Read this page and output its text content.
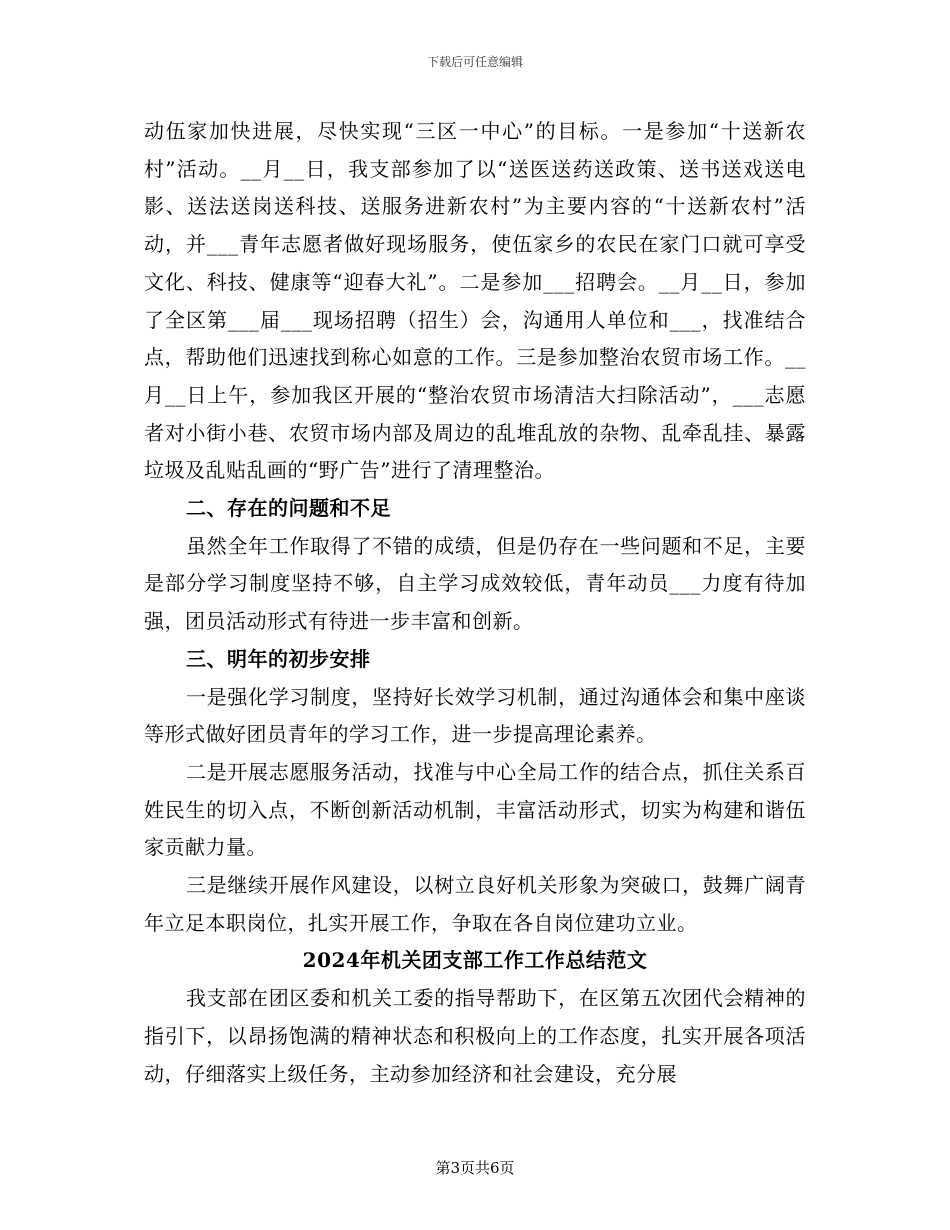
下载后可任意编辑

动伍家加快进展，尽快实现“三区一中心”的目标。一是参加“十送新农村”活动。__月__日，我支部参加了以“送医送药送政策、送书送戏送电影、送法送岗送科技、送服务进新农村”为主要内容的“十送新农村”活动，并___青年志愿者做好现场服务，使伍家乡的农民在家门口就可享受文化、科技、健康等“迎春大礼”。二是参加___招聘会。__月__日，参加了全区第___届___现场招聘（招生）会，沟通用人单位和___，找准结合点，帮助他们迅速找到称心如意的工作。三是参加整治农贸市场工作。__月__日上午，参加我区开展的“整治农贸市场清洁大扫除活动”，___志愿者对小街小巷、农贸市场内部及周边的乱堆乱放的杂物、乱牵乱挂、暴露垃圾及乱贴乱画的“野广告”进行了清理整治。

二、存在的问题和不足

虽然全年工作取得了不错的成绩，但是仍存在一些问题和不足，主要是部分学习制度坚持不够，自主学习成效较低，青年动员___力度有待加强，团员活动形式有待进一步丰富和创新。

三、明年的初步安排

一是强化学习制度，坚持好长效学习机制，通过沟通体会和集中座谈等形式做好团员青年的学习工作，进一步提高理论素养。

二是开展志愿服务活动，找准与中心全局工作的结合点，抓住关系百姓民生的切入点，不断创新活动机制，丰富活动形式，切实为构建和谐伍家贡献力量。

三是继续开展作风建设，以树立良好机关形象为突破口，鼓舞广阔青年立足本职岗位，扎实开展工作，争取在各自岗位建功立业。

2024年机关团支部工作工作总结范文

我支部在团区委和机关工委的指导帮助下，在区第五次团代会精神的指引下，以昂扬饱满的精神状态和积极向上的工作态度，扎实开展各项活动，仔细落实上级任务，主动参加经济和社会建设，充分展

第3页共6页
